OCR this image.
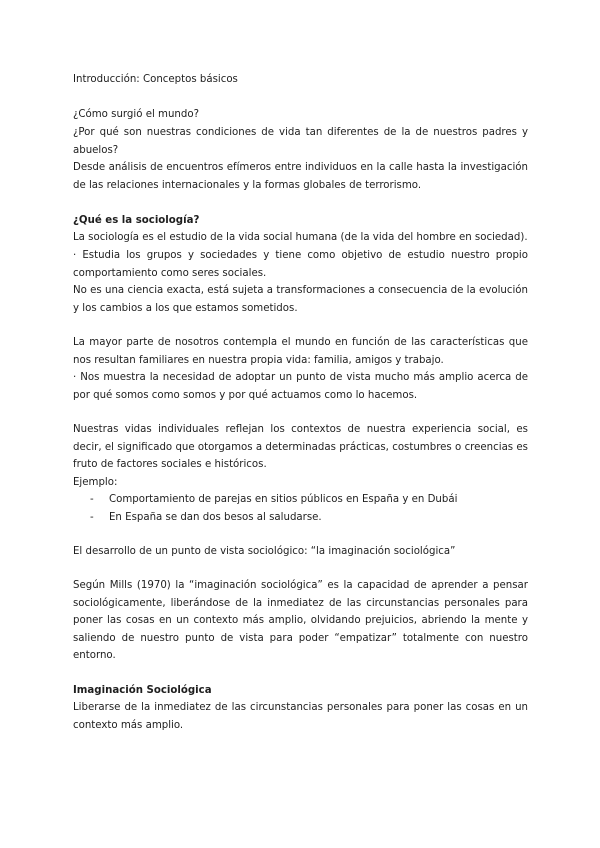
Introducción: Conceptos básicos

¿Cómo surgió el mundo?

¿Por qué son nuestras condiciones de vida tan diferentes de la de nuestros padres y abuelos?

Desde análisis de encuentros efímeros entre individuos en la calle hasta la investigación de las relaciones internacionales y la formas globales de terrorismo.

¿Qué es la sociología?

La sociología es el estudio de la vida social humana (de la vida del hombre en sociedad).

· Estudia los grupos y sociedades y tiene como objetivo de estudio nuestro propio comportamiento como seres sociales.

No es una ciencia exacta, está sujeta a transformaciones a consecuencia de la evolución y los cambios a los que estamos sometidos.

La mayor parte de nosotros contempla el mundo en función de las características que nos resultan familiares en nuestra propia vida: familia, amigos y trabajo.

· Nos muestra la necesidad de adoptar un punto de vista mucho más amplio acerca de por qué somos como somos y por qué actuamos como lo hacemos.

Nuestras vidas individuales reflejan los contextos de nuestra experiencia social, es decir, el significado que otorgamos a determinadas prácticas, costumbres o creencias es fruto de factores sociales e históricos.

Ejemplo:

- Comportamiento de parejas en sitios públicos en España y en Dubái
- En España se dan dos besos al saludarse.

El desarrollo de un punto de vista sociológico: “la imaginación sociológica”

Según Mills (1970) la “imaginación sociológica” es la capacidad de aprender a pensar sociológicamente, liberándose de la inmediatez de las circunstancias personales para poner las cosas en un contexto más amplio, olvidando prejuicios, abriendo la mente y saliendo de nuestro punto de vista para poder “empatizar” totalmente con nuestro entorno.

Imaginación Sociológica

Liberarse de la inmediatez de las circunstancias personales para poner las cosas en un contexto más amplio.
